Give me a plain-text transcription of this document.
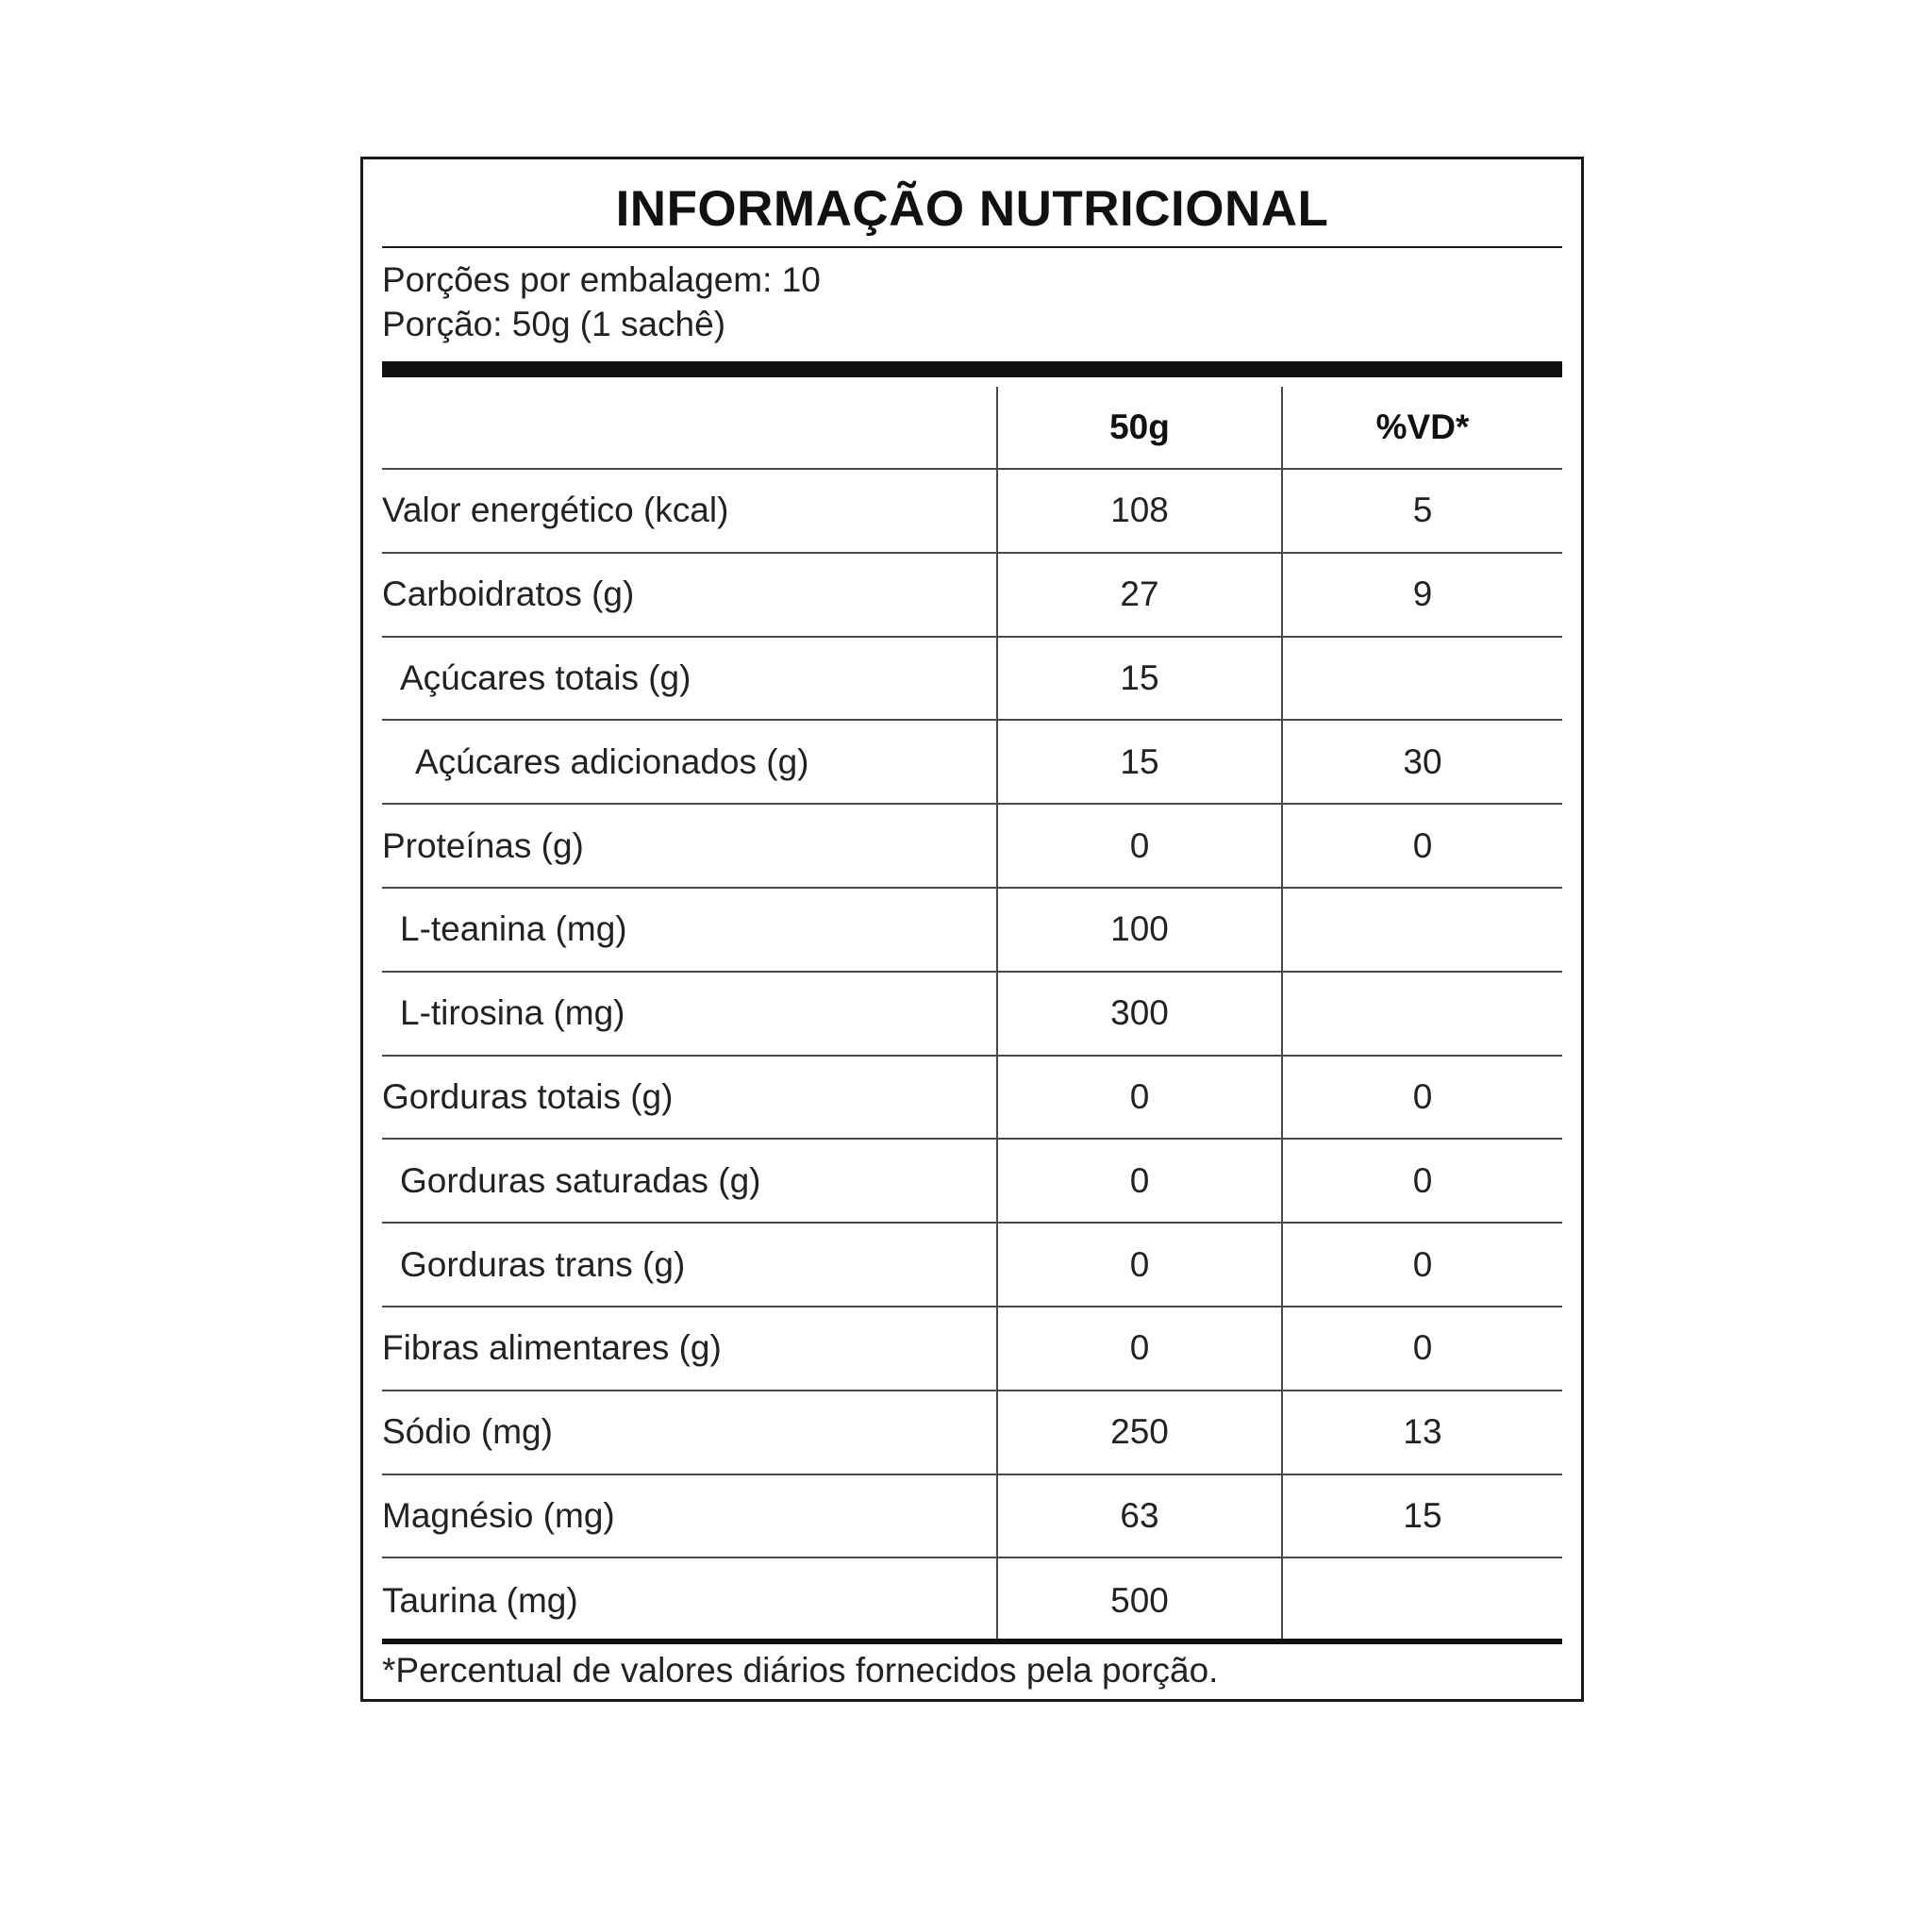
INFORMAÇÃO NUTRICIONAL
Porções por embalagem: 10
Porção: 50g (1 sachê)
50g	%VD*
Valor energético (kcal)	108	5
Carboidratos (g)	27	9
Açúcares totais (g)	15
Açúcares adicionados (g)	15	30
Proteínas (g)	0	0
L-teanina (mg)	100
L-tirosina (mg)	300
Gorduras totais (g)	0	0
Gorduras saturadas (g)	0	0
Gorduras trans (g)	0	0
Fibras alimentares (g)	0	0
Sódio (mg)	250	13
Magnésio (mg)	63	15
Taurina (mg)	500
*Percentual de valores diários fornecidos pela porção.
